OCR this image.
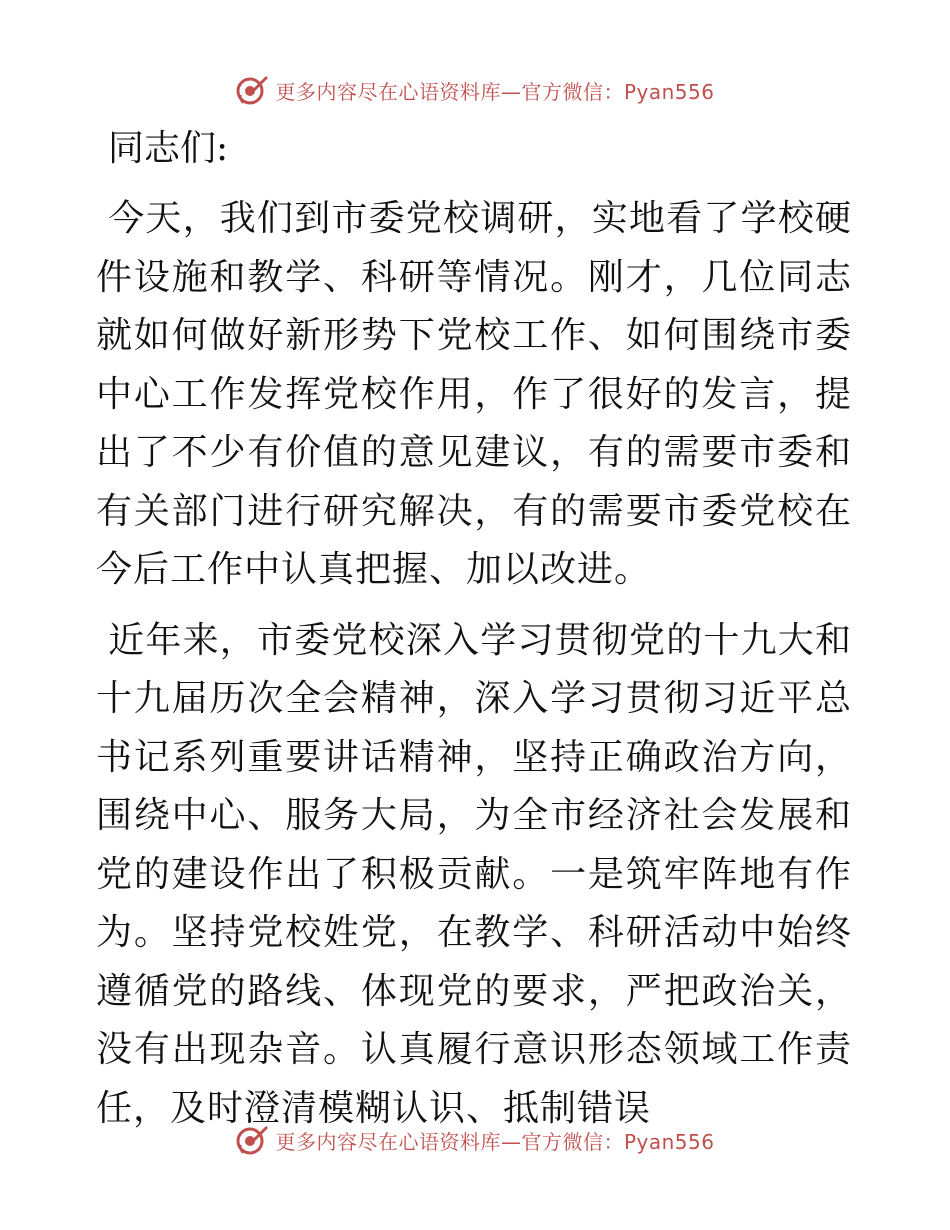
更多内容尽在心语资料库—官方微信：Pyan556
同志们:

今天，我们到市委党校调研，实地看了学校硬件设施和教学、科研等情况。刚才，几位同志就如何做好新形势下党校工作、如何围绕市委中心工作发挥党校作用，作了很好的发言，提出了不少有价值的意见建议，有的需要市委和有关部门进行研究解决，有的需要市委党校在今后工作中认真把握、加以改进。

近年来，市委党校深入学习贯彻党的十九大和十九届历次全会精神，深入学习贯彻习近平总书记系列重要讲话精神，坚持正确政治方向，围绕中心、服务大局，为全市经济社会发展和党的建设作出了积极贡献。一是筑牢阵地有作为。坚持党校姓党，在教学、科研活动中始终遵循党的路线、体现党的要求，严把政治关，没有出现杂音。认真履行意识形态领域工作责任，及时澄清模糊认识、抵制错误

更多内容尽在心语资料库—官方微信：Pyan556
